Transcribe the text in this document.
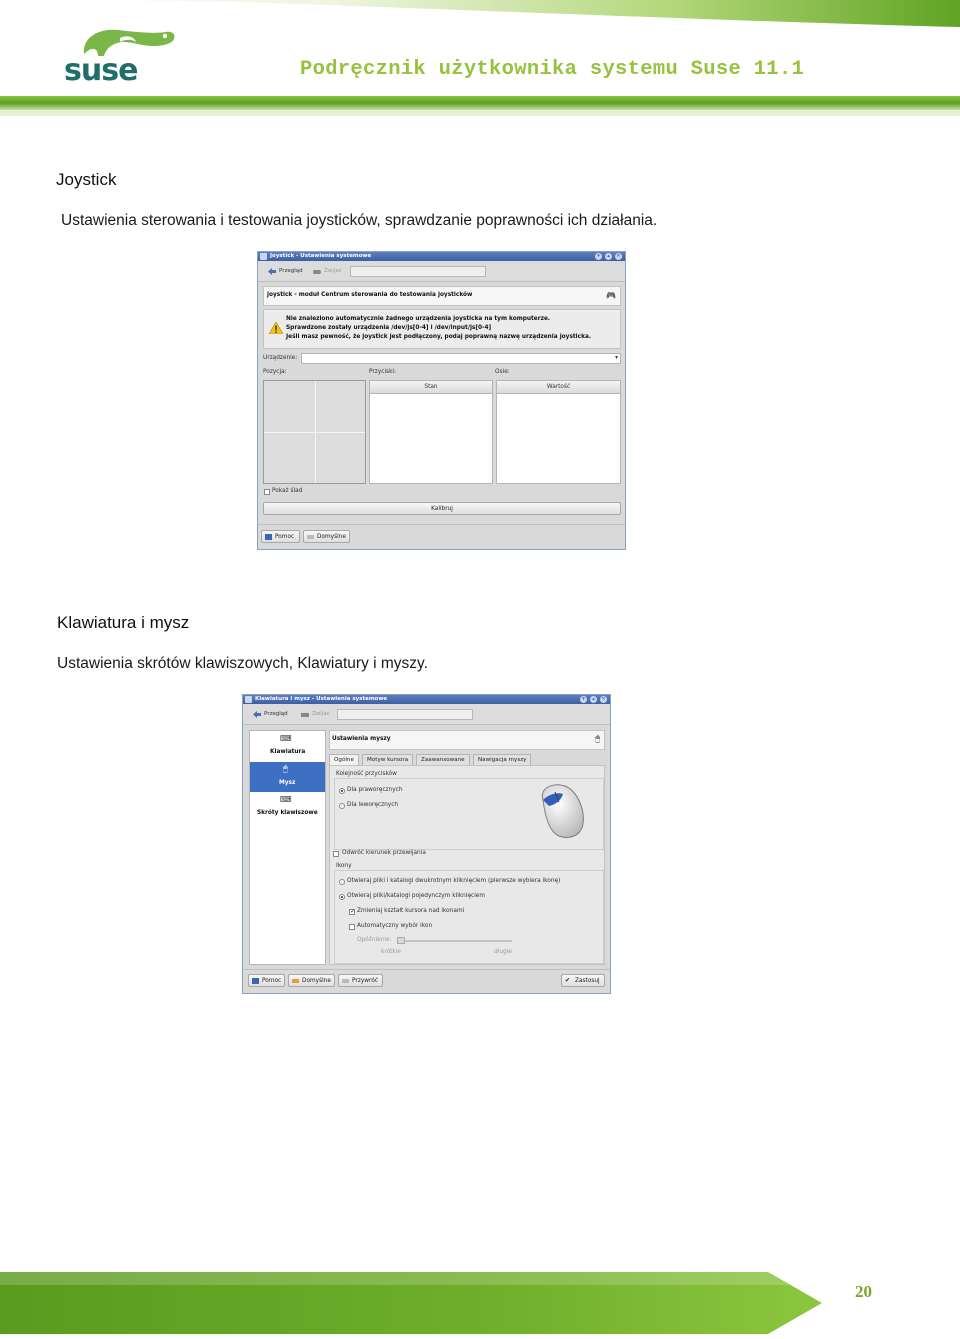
suse	Podręcznik użytkownika systemu Suse 11.1
Joystick
Ustawienia sterowania i testowania joysticków, sprawdzanie poprawności ich działania.
Joystick - Ustawienia systemowe	▾	▴	✕
Przegląd	Zwijać
joystick - moduł Centrum sterowania do testowania joysticków	🎮
Nie znaleziono automatycznie żadnego urządzenia joysticka na tym komputerze.
Sprawdzone zostały urządzenia /dev/js[0-4] i /dev/input/js[0-4]
Jeśli masz pewność, że joystick jest podłączony, podaj poprawną nazwę urządzenia joysticka.
Urządzenie:	▾
Pozycja:	Przyciski:	Osie:
Stan	Wartość
Pokaż ślad
Kalibruj
Pomoc	Domyślne
Klawiatura i mysz
Ustawienia skrótów klawiszowych, Klawiatury i myszy.
Klawiatura i mysz - Ustawienia systemowe	▾	▴	✕
Przegląd	Zwijać
⌨
Klawiatura
🖱
Mysz
⌨
Skróty klawiszowe
Ustawienia myszy	🖱
Ogólne	Motyw kursora	Zaawansowane	Nawigacja myszy
Kolejność przycisków
Dla praworęcznych
Dla leworęcznych
Odwróć kierunek przewijania
Ikony
Otwieraj pliki i katalogi dwukrotnym kliknięciem (pierwsze wybiera ikonę)
Otwieraj pliki/katalogi pojedynczym kliknięciem
✓
Zmieniaj kształt kursora nad ikonami
Automatyczny wybór ikon
Opóźnienie:
krótkie	długie
Pomoc	Domyślne	Przywróć	✔ Zastosuj
20
